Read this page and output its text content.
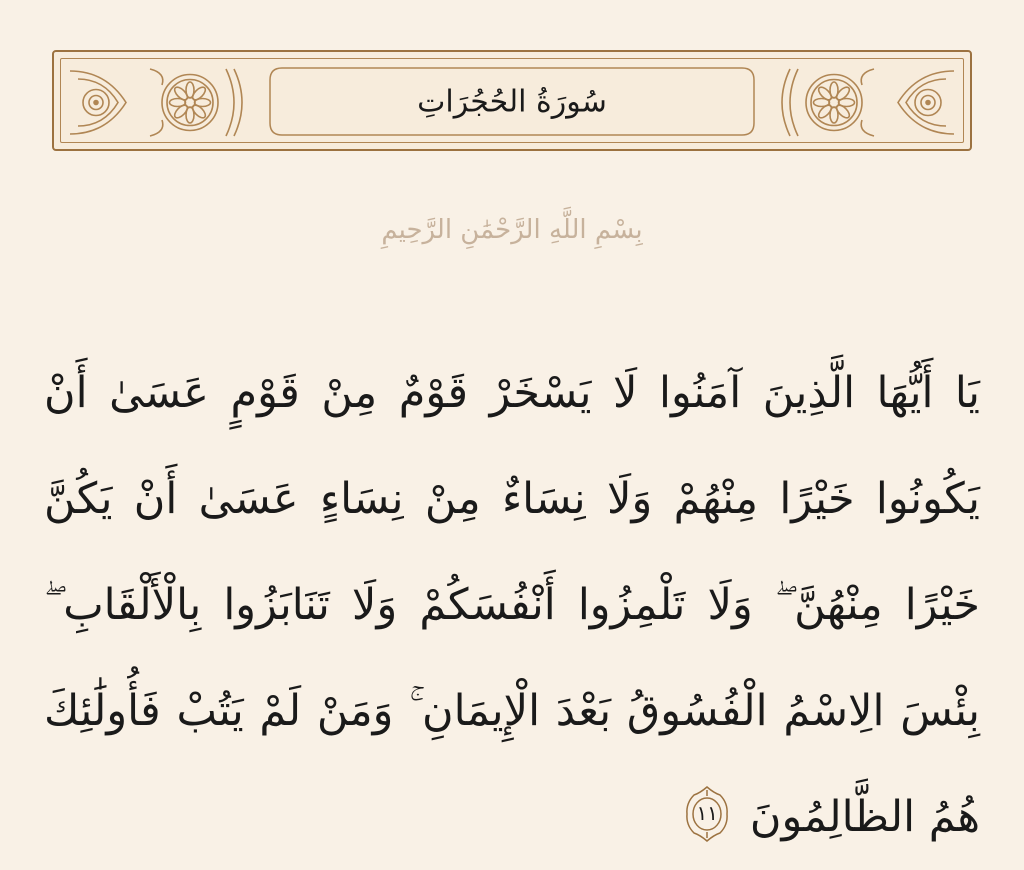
سُورَةُ الحُجُرَاتِ
بِسْمِ اللَّهِ الرَّحْمَٰنِ الرَّحِيمِ
يَا أَيُّهَا الَّذِينَ آمَنُوا لَا يَسْخَرْ قَوْمٌ مِنْ قَوْمٍ عَسَىٰ أَنْ يَكُونُوا خَيْرًا مِنْهُمْ وَلَا نِسَاءٌ مِنْ نِسَاءٍ عَسَىٰ أَنْ يَكُنَّ خَيْرًا مِنْهُنَّ ۖ وَلَا تَلْمِزُوا أَنْفُسَكُمْ وَلَا تَنَابَزُوا بِالْأَلْقَابِ ۖ بِئْسَ الِاسْمُ الْفُسُوقُ بَعْدَ الْإِيمَانِ ۚ وَمَنْ لَمْ يَتُبْ فَأُولَٰئِكَ هُمُ الظَّالِمُونَ
١١
